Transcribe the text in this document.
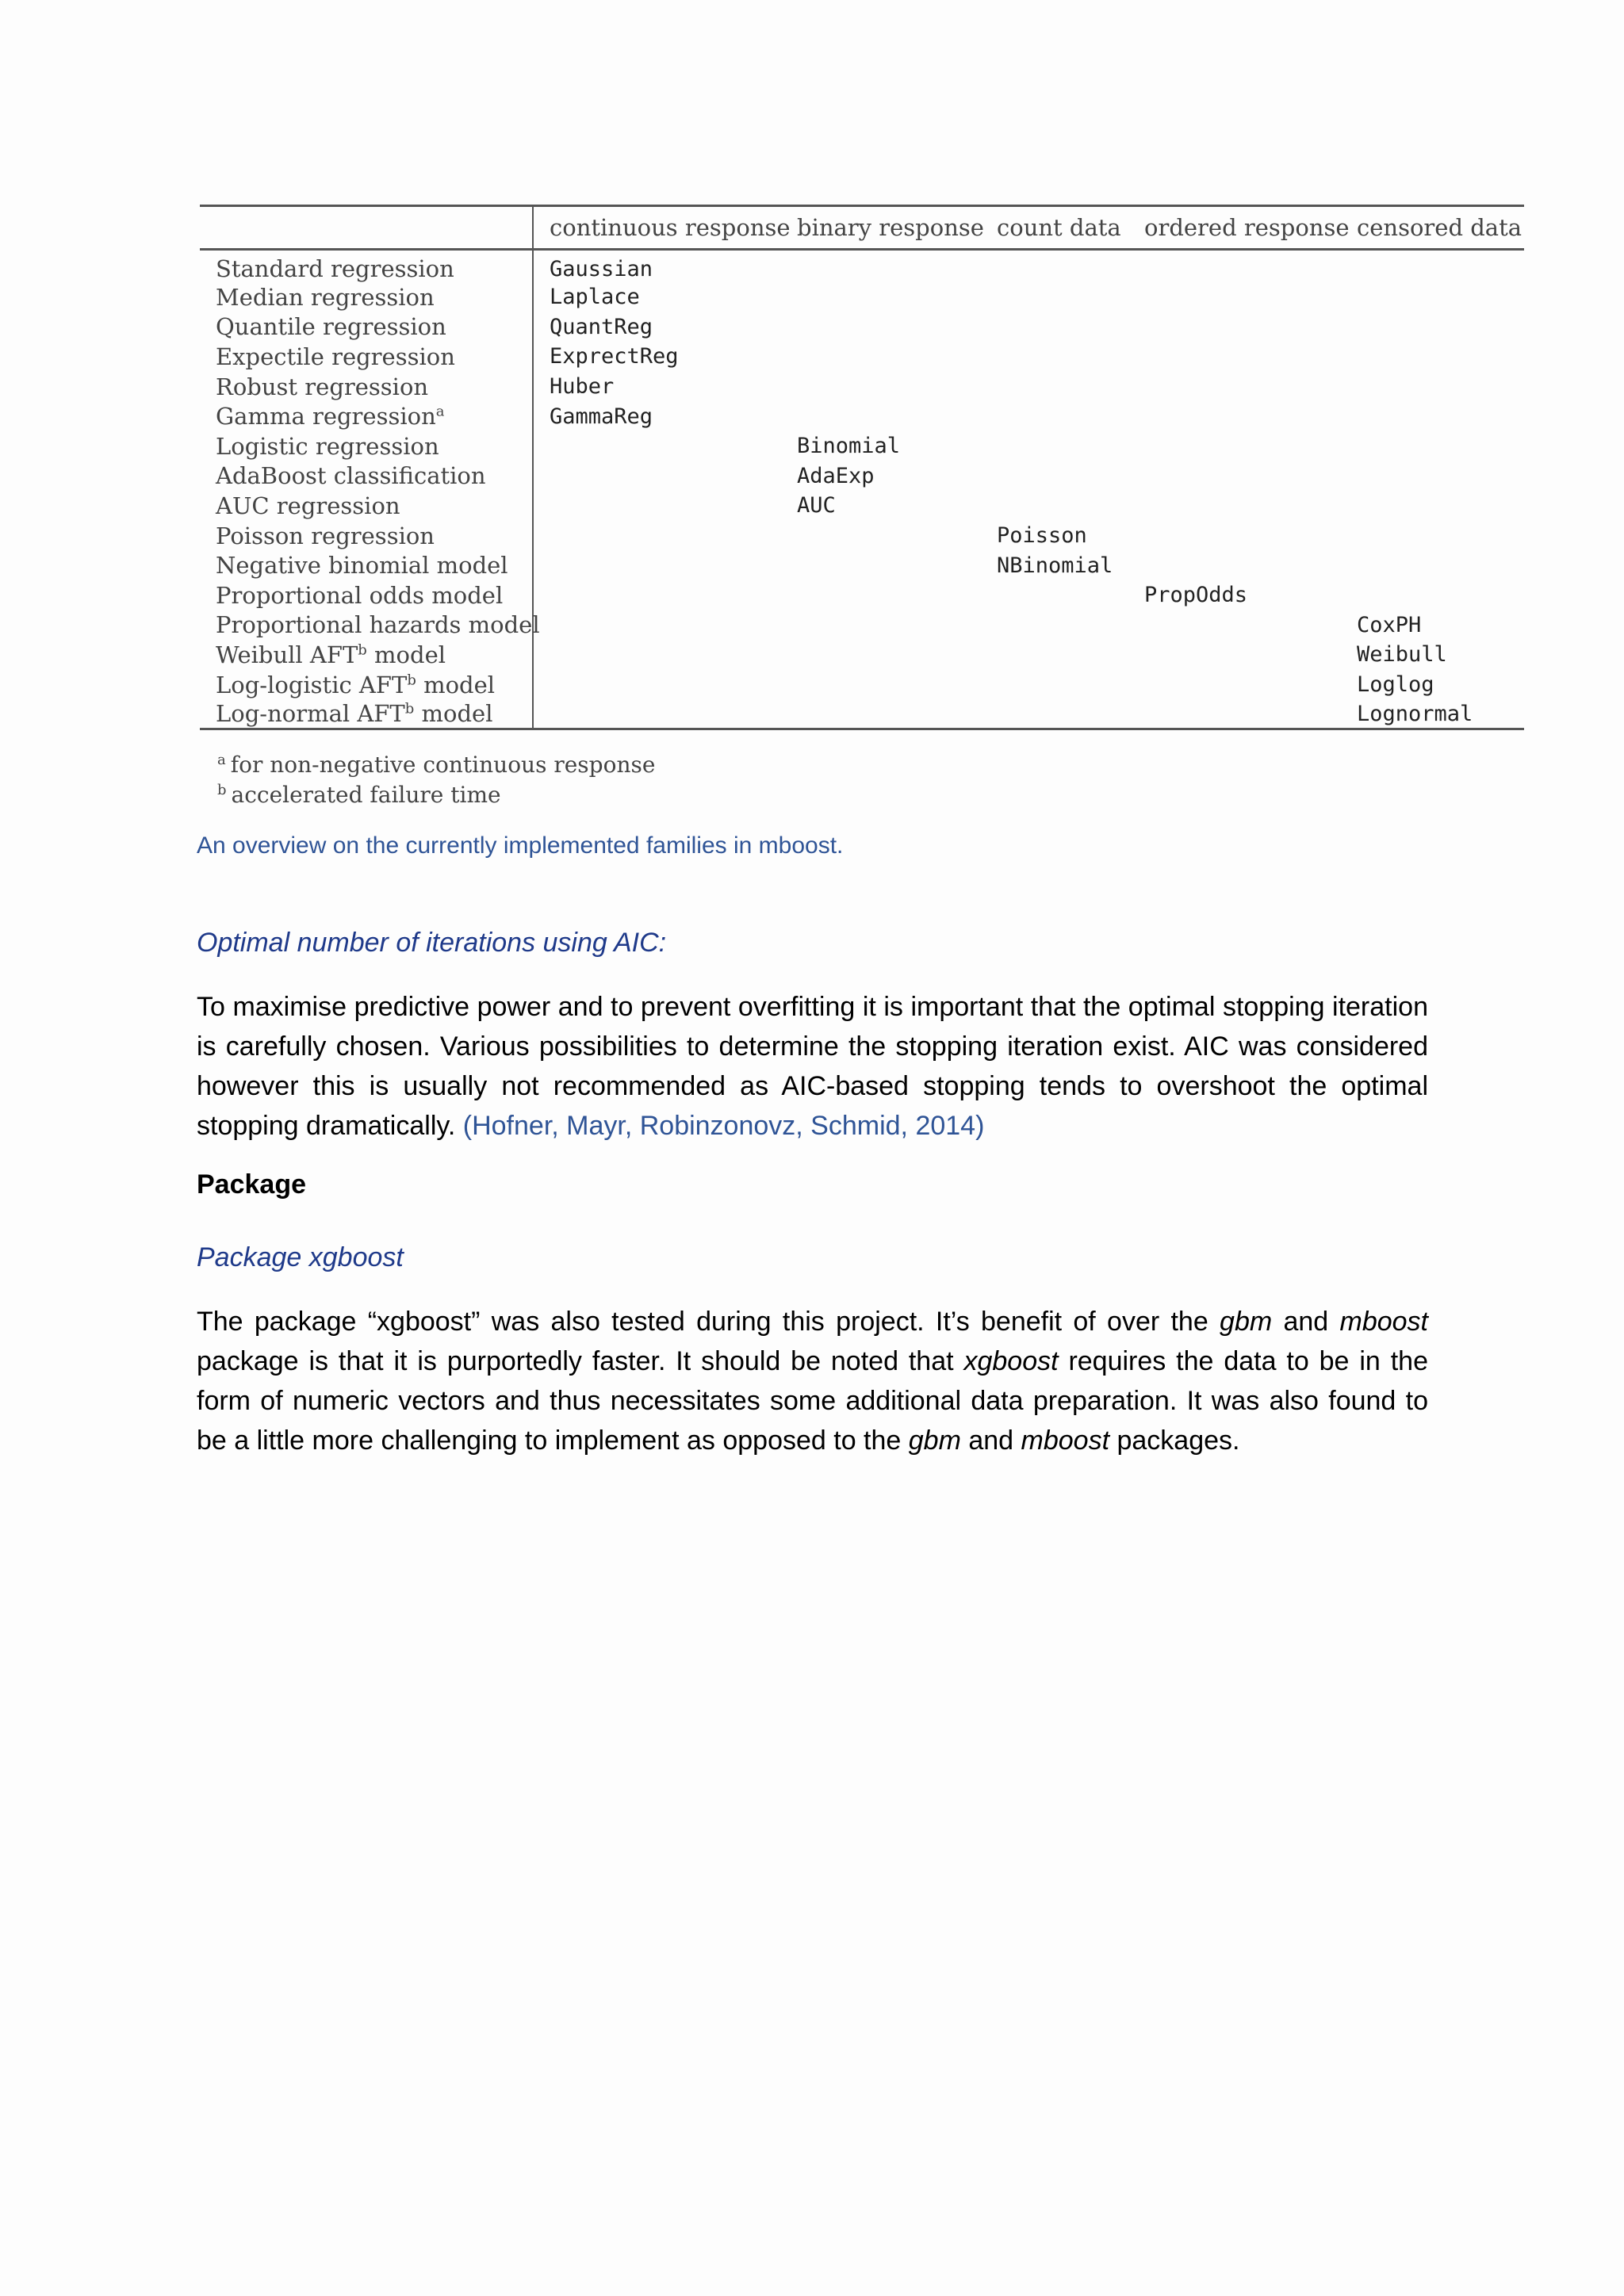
	continuous response	binary response	count data	ordered response	censored data
Standard regression	Gaussian				
Median regression	Laplace				
Quantile regression	QuantReg				
Expectile regression	ExprectReg				
Robust regression	Huber				
Gamma regression$^a$	GammaReg				
Logistic regression		Binomial			
AdaBoost classification		AdaExp			
AUC regression		AUC			
Poisson regression			Poisson		
Negative binomial model			NBinomial		
Proportional odds model				PropOdds	
Proportional hazards model					CoxPH
Weibull AFT$^b$ model					Weibull
Log-logistic AFT$^b$ model					Loglog
Log-normal AFT$^b$ model					Lognormal
$^a$ for non-negative continuous response
$^b$ accelerated failure time
An overview on the currently implemented families in mboost.
Optimal number of iterations using AIC:
To maximise predictive power and to prevent overfitting it is important that the optimal stopping iteration is carefully chosen. Various possibilities to determine the stopping iteration exist. AIC was considered however this is usually not recommended as AIC-based stopping tends to overshoot the optimal stopping dramatically. (Hofner, Mayr, Robinzonovz, Schmid, 2014)
Package
Package xgboost
The package “xgboost” was also tested during this project. It’s benefit of over the gbm and mboost package is that it is purportedly faster. It should be noted that xgboost requires the data to be in the form of numeric vectors and thus necessitates some additional data preparation. It was also found to be a little more challenging to implement as opposed to the gbm and mboost packages.
